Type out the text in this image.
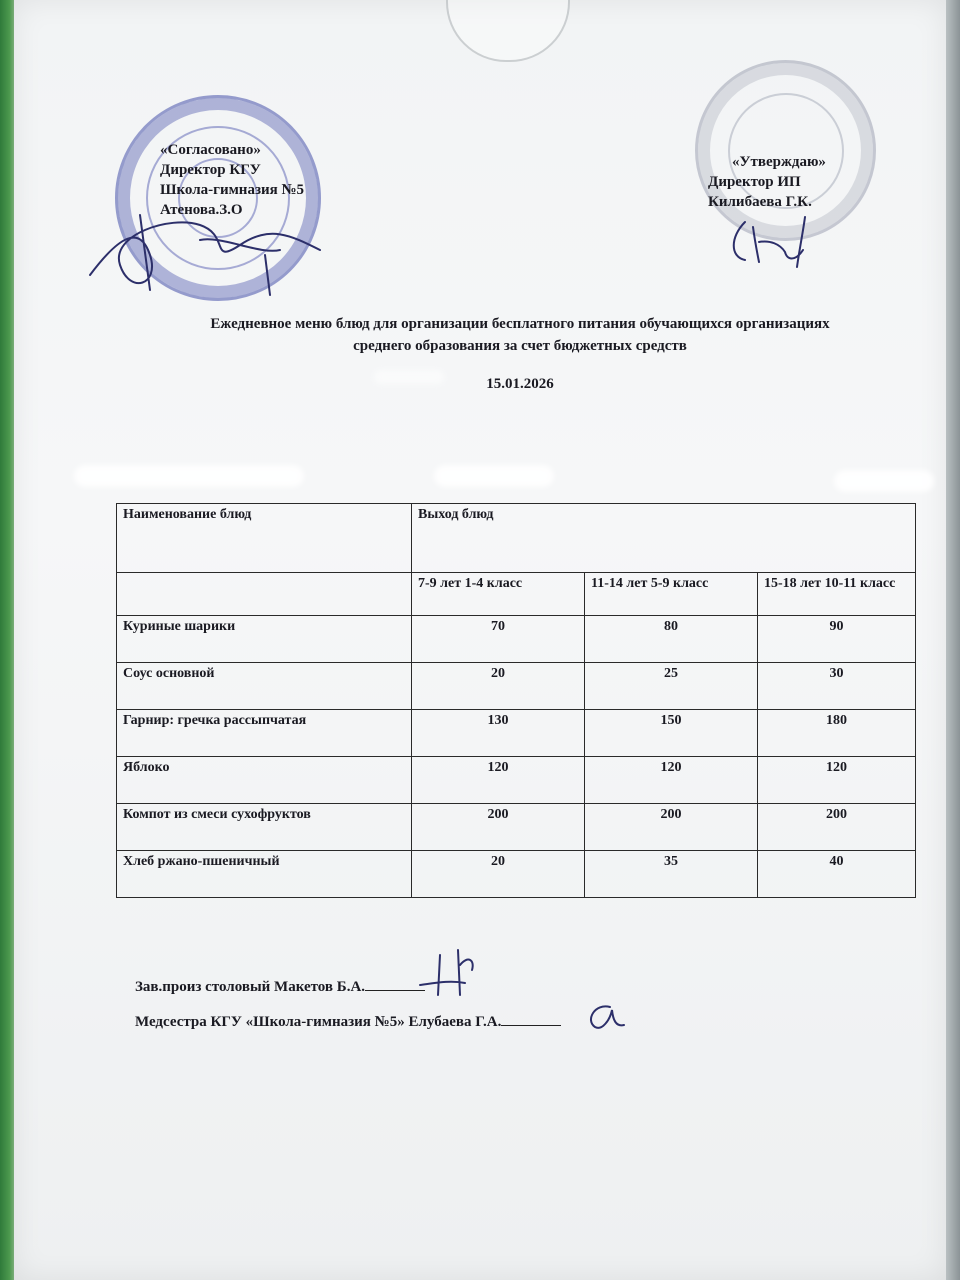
«Согласовано»
Директор КГУ
Школа-гимназия №5
Атенова.З.О
«Утверждаю»
Директор ИП
Килибаева Г.К.
Ежедневное меню блюд для организации бесплатного питания обучающихся организациях
среднего образования за счет бюджетных средств
15.01.2026
Наименование блюд	Выход блюд		
	7-9 лет 1-4 класс	11-14 лет 5-9 класс	15-18 лет 10-11 класс
Куриные шарики	70	80	90
Соус основной	20	25	30
Гарнир: гречка рассыпчатая	130	150	180
Яблоко	120	120	120
Компот из смеси сухофруктов	200	200	200
Хлеб ржано-пшеничный	20	35	40
Зав.произ столовый Макетов Б.А.
Медсестра КГУ «Школа-гимназия №5» Елубаева Г.А.
